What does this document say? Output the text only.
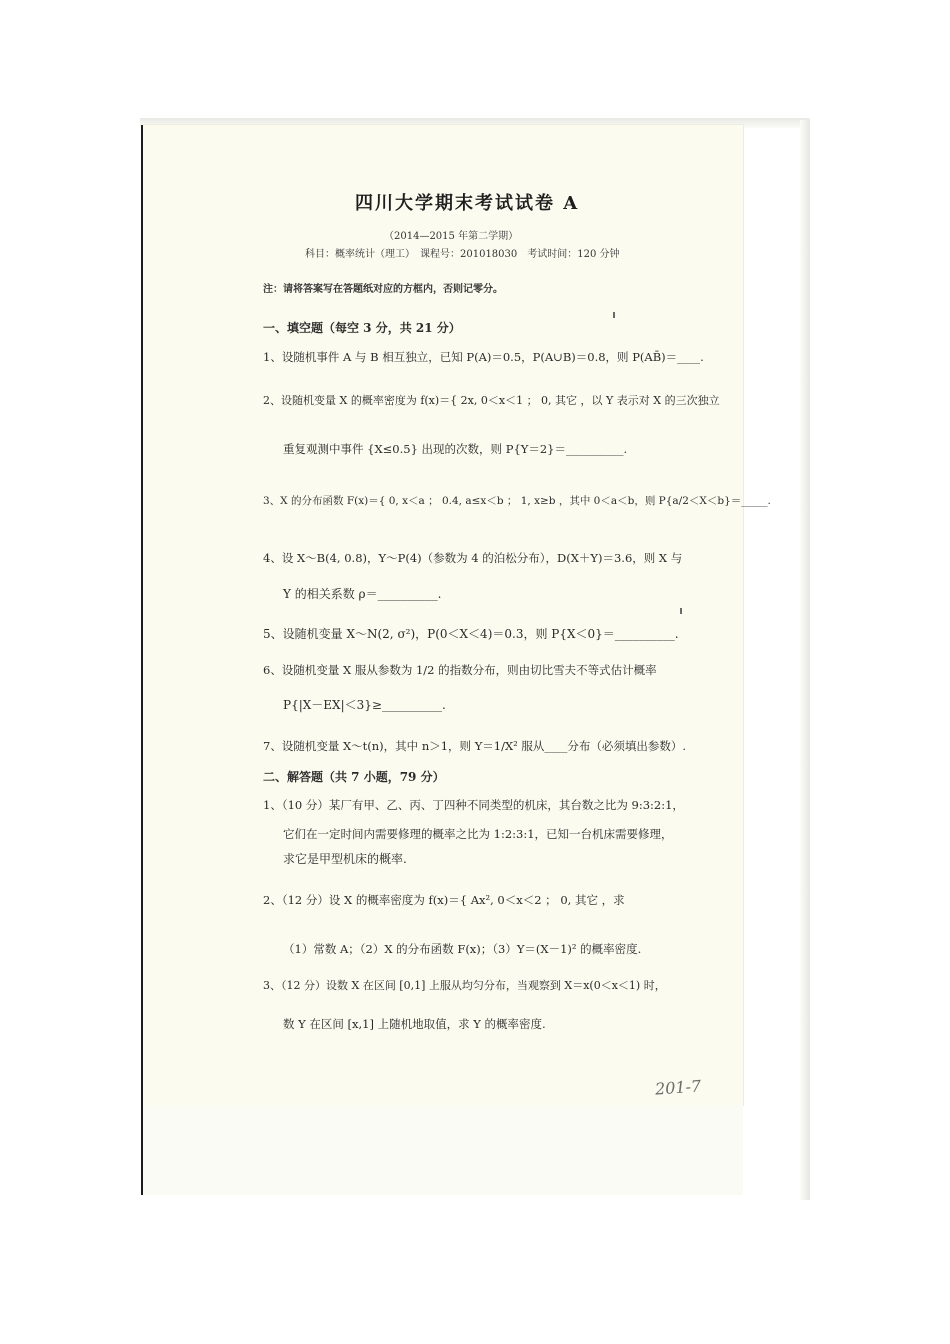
四川大学期末考试试卷 A
（2014—2015 年第二学期）
科目：概率统计（理工）　课程号：201018030　考试时间：120 分钟
注：请将答案写在答题纸对应的方框内，否则记零分。
一、填空题（每空 3 分，共 21 分）
1、设随机事件 A 与 B 相互独立，已知 P(A)＝0.5，P(A∪B)＝0.8，则 P(AB̄)＝____.
2、设随机变量 X 的概率密度为 f(x)＝{ 2x, 0＜x＜1 ； 0, 其它 ，以 Y 表示对 X 的三次独立
重复观测中事件 {X≤0.5} 出现的次数，则 P{Y＝2}＝__________.
3、X 的分布函数 F(x)＝{ 0, x＜a ； 0.4, a≤x＜b ； 1, x≥b ，其中 0＜a＜b，则 P{a/2＜X＜b}＝_____.
4、设 X～B(4, 0.8)，Y～P(4)（参数为 4 的泊松分布），D(X＋Y)＝3.6，则 X 与
Y 的相关系数 ρ＝__________.
5、设随机变量 X～N(2, σ²)，P(0＜X＜4)＝0.3，则 P{X＜0}＝__________.
6、设随机变量 X 服从参数为 1/2 的指数分布，则由切比雪夫不等式估计概率
P{|X－EX|＜3}≥__________.
7、设随机变量 X～t(n)，其中 n＞1，则 Y＝1/X² 服从____分布（必须填出参数）.
二、解答题（共 7 小题，79 分）
1、（10 分）某厂有甲、乙、丙、丁四种不同类型的机床，其台数之比为 9:3:2:1，
它们在一定时间内需要修理的概率之比为 1:2:3:1，已知一台机床需要修理，
求它是甲型机床的概率.
2、（12 分）设 X 的概率密度为 f(x)＝{ Ax², 0＜x＜2 ； 0, 其它 ，求
（1）常数 A；（2）X 的分布函数 F(x)；（3）Y＝(X－1)² 的概率密度.
3、（12 分）设数 X 在区间 [0,1] 上服从均匀分布，当观察到 X＝x(0＜x＜1) 时，
数 Y 在区间 [x,1] 上随机地取值，求 Y 的概率密度.
201-7
